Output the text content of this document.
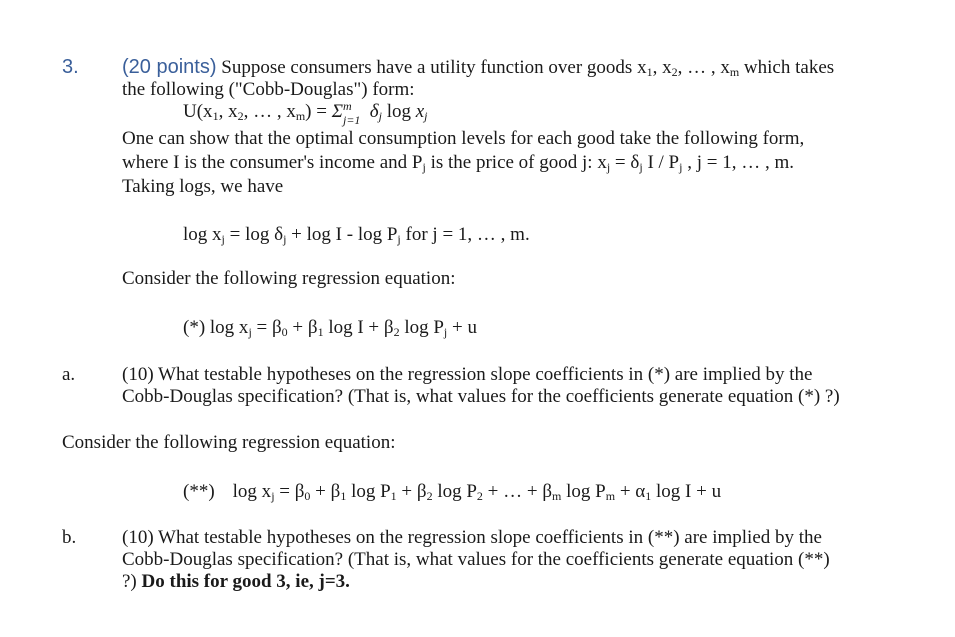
3. (20 points) Suppose consumers have a utility function over goods $x_1$, $x_2$, … , $x_m$ which takes
the following ("Cobb-Douglas") form:
$U(x_1$, $x_2$, … , $x_m) = \Sigma$ m
j=1 $\delta_j$ $\log x_j$
One can show that the optimal consumption levels for each good take the following form,
where I is the consumer's income and $P_j$ is the price of good j: $x_j = \delta_j$ I / $P_j$ , j = 1, … , m.
Taking logs, we have
$\log x_j = \log \delta_j + \log I - \log P_j$ for j = 1, … , m.
Consider the following regression equation:
(*) $\log x_j = \beta_0 + \beta_1$ $\log I + \beta_2$ $\log P_j + u$
a. (10) What testable hypotheses on the regression slope coefficients in (*) are implied by the
Cobb-Douglas specification? (That is, what values for the coefficients generate equation (*) ?)
Consider the following regression equation:
(**) $\log x_j = \beta_0 + \beta_1$ $\log P_1 + \beta_2$ $\log P_2$ + … + $\beta_m$ $\log P_m + \alpha_1$ log I + u
b. (10) What testable hypotheses on the regression slope coefficients in (**) are implied by the
Cobb-Douglas specification? (That is, what values for the coefficients generate equation (**)
?) Do this for good 3, ie, j=3.
